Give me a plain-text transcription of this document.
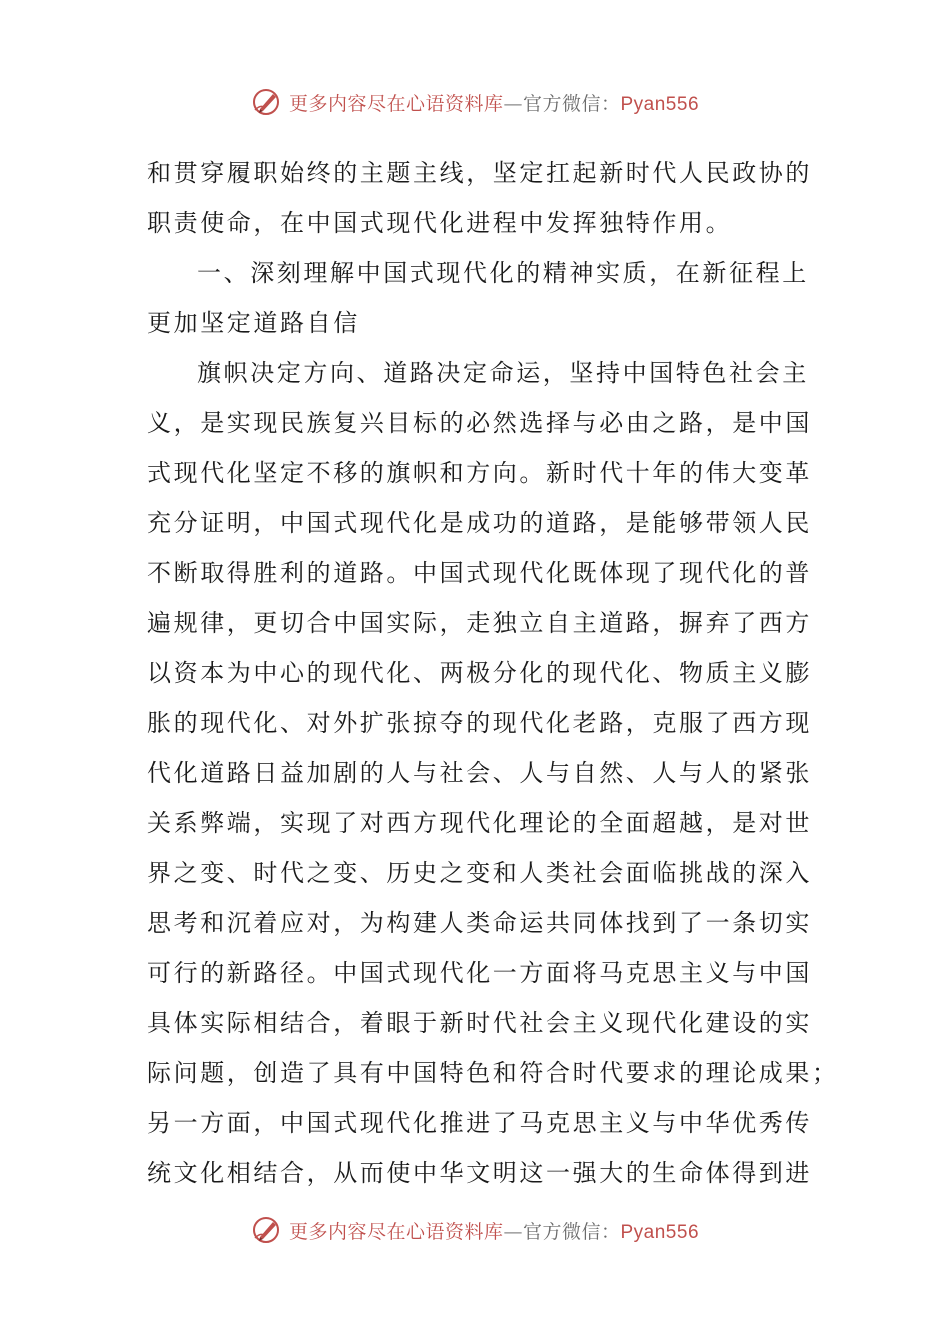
更多内容尽在心语资料库—官方微信：Pyan556
和贯穿履职始终的主题主线，坚定扛起新时代人民政协的
职责使命，在中国式现代化进程中发挥独特作用。
一、深刻理解中国式现代化的精神实质，在新征程上
更加坚定道路自信
旗帜决定方向、道路决定命运，坚持中国特色社会主
义，是实现民族复兴目标的必然选择与必由之路，是中国
式现代化坚定不移的旗帜和方向。新时代十年的伟大变革
充分证明，中国式现代化是成功的道路，是能够带领人民
不断取得胜利的道路。中国式现代化既体现了现代化的普
遍规律，更切合中国实际，走独立自主道路，摒弃了西方
以资本为中心的现代化、两极分化的现代化、物质主义膨
胀的现代化、对外扩张掠夺的现代化老路，克服了西方现
代化道路日益加剧的人与社会、人与自然、人与人的紧张
关系弊端，实现了对西方现代化理论的全面超越，是对世
界之变、时代之变、历史之变和人类社会面临挑战的深入
思考和沉着应对，为构建人类命运共同体找到了一条切实
可行的新路径。中国式现代化一方面将马克思主义与中国
具体实际相结合，着眼于新时代社会主义现代化建设的实
际问题，创造了具有中国特色和符合时代要求的理论成果；
另一方面，中国式现代化推进了马克思主义与中华优秀传
统文化相结合，从而使中华文明这一强大的生命体得到进
更多内容尽在心语资料库—官方微信：Pyan556
